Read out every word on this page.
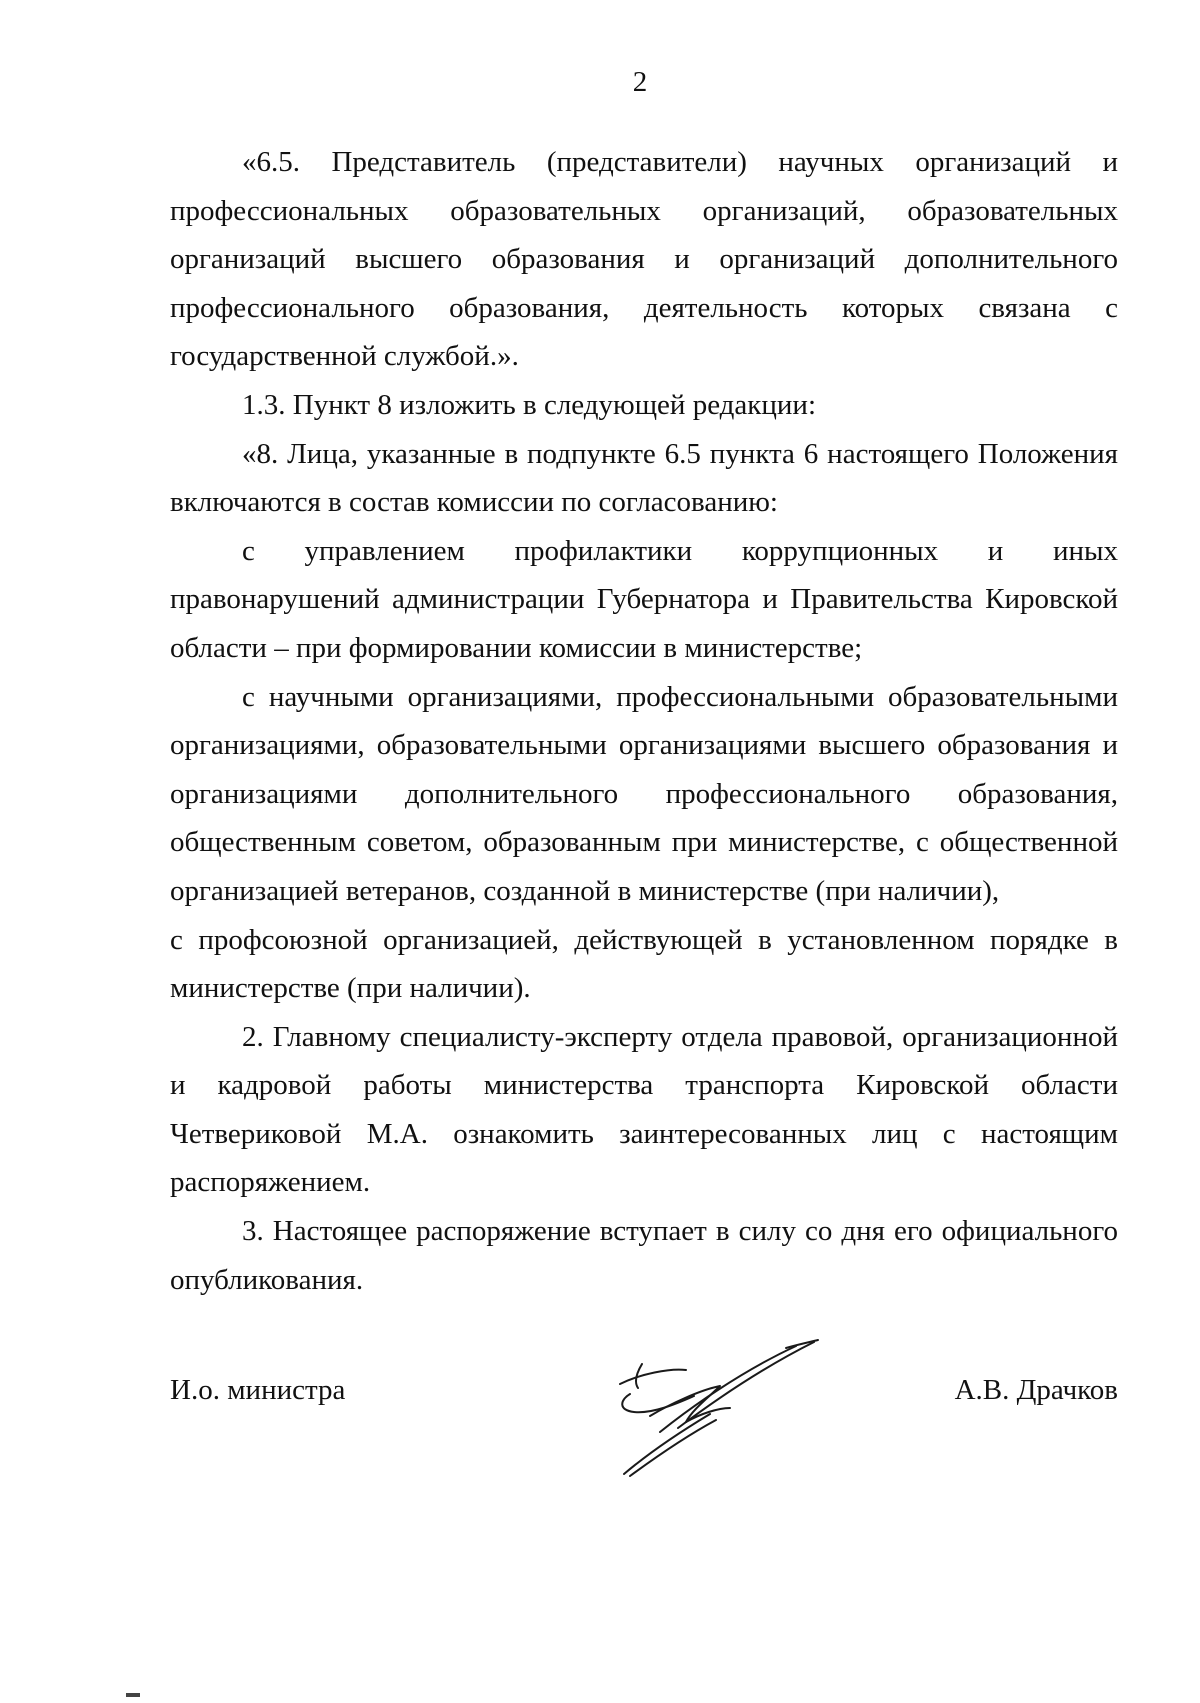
2

«6.5. Представитель (представители) научных организаций и профессиональных образовательных организаций, образовательных организаций высшего образования и организаций дополнительного профессионального образования, деятельность которых связана с государственной службой.».

1.3. Пункт 8 изложить в следующей редакции:

«8. Лица, указанные в подпункте 6.5 пункта 6 настоящего Положения включаются в состав комиссии по согласованию:

с управлением профилактики коррупционных и иных правонарушений администрации Губернатора и Правительства Кировской области – при формировании комиссии в министерстве;

с научными организациями, профессиональными образовательными организациями, образовательными организациями высшего образования и организациями дополнительного профессионального образования, общественным советом, образованным при министерстве, с общественной организацией ветеранов, созданной в министерстве (при наличии),

с профсоюзной организацией, действующей в установленном порядке в министерстве (при наличии).

2. Главному специалисту-эксперту отдела правовой, организационной и кадровой работы министерства транспорта Кировской области Четвериковой М.А. ознакомить заинтересованных лиц с настоящим распоряжением.

3. Настоящее распоряжение вступает в силу со дня его официального опубликования.

И.о. министра	А.В. Драчков
